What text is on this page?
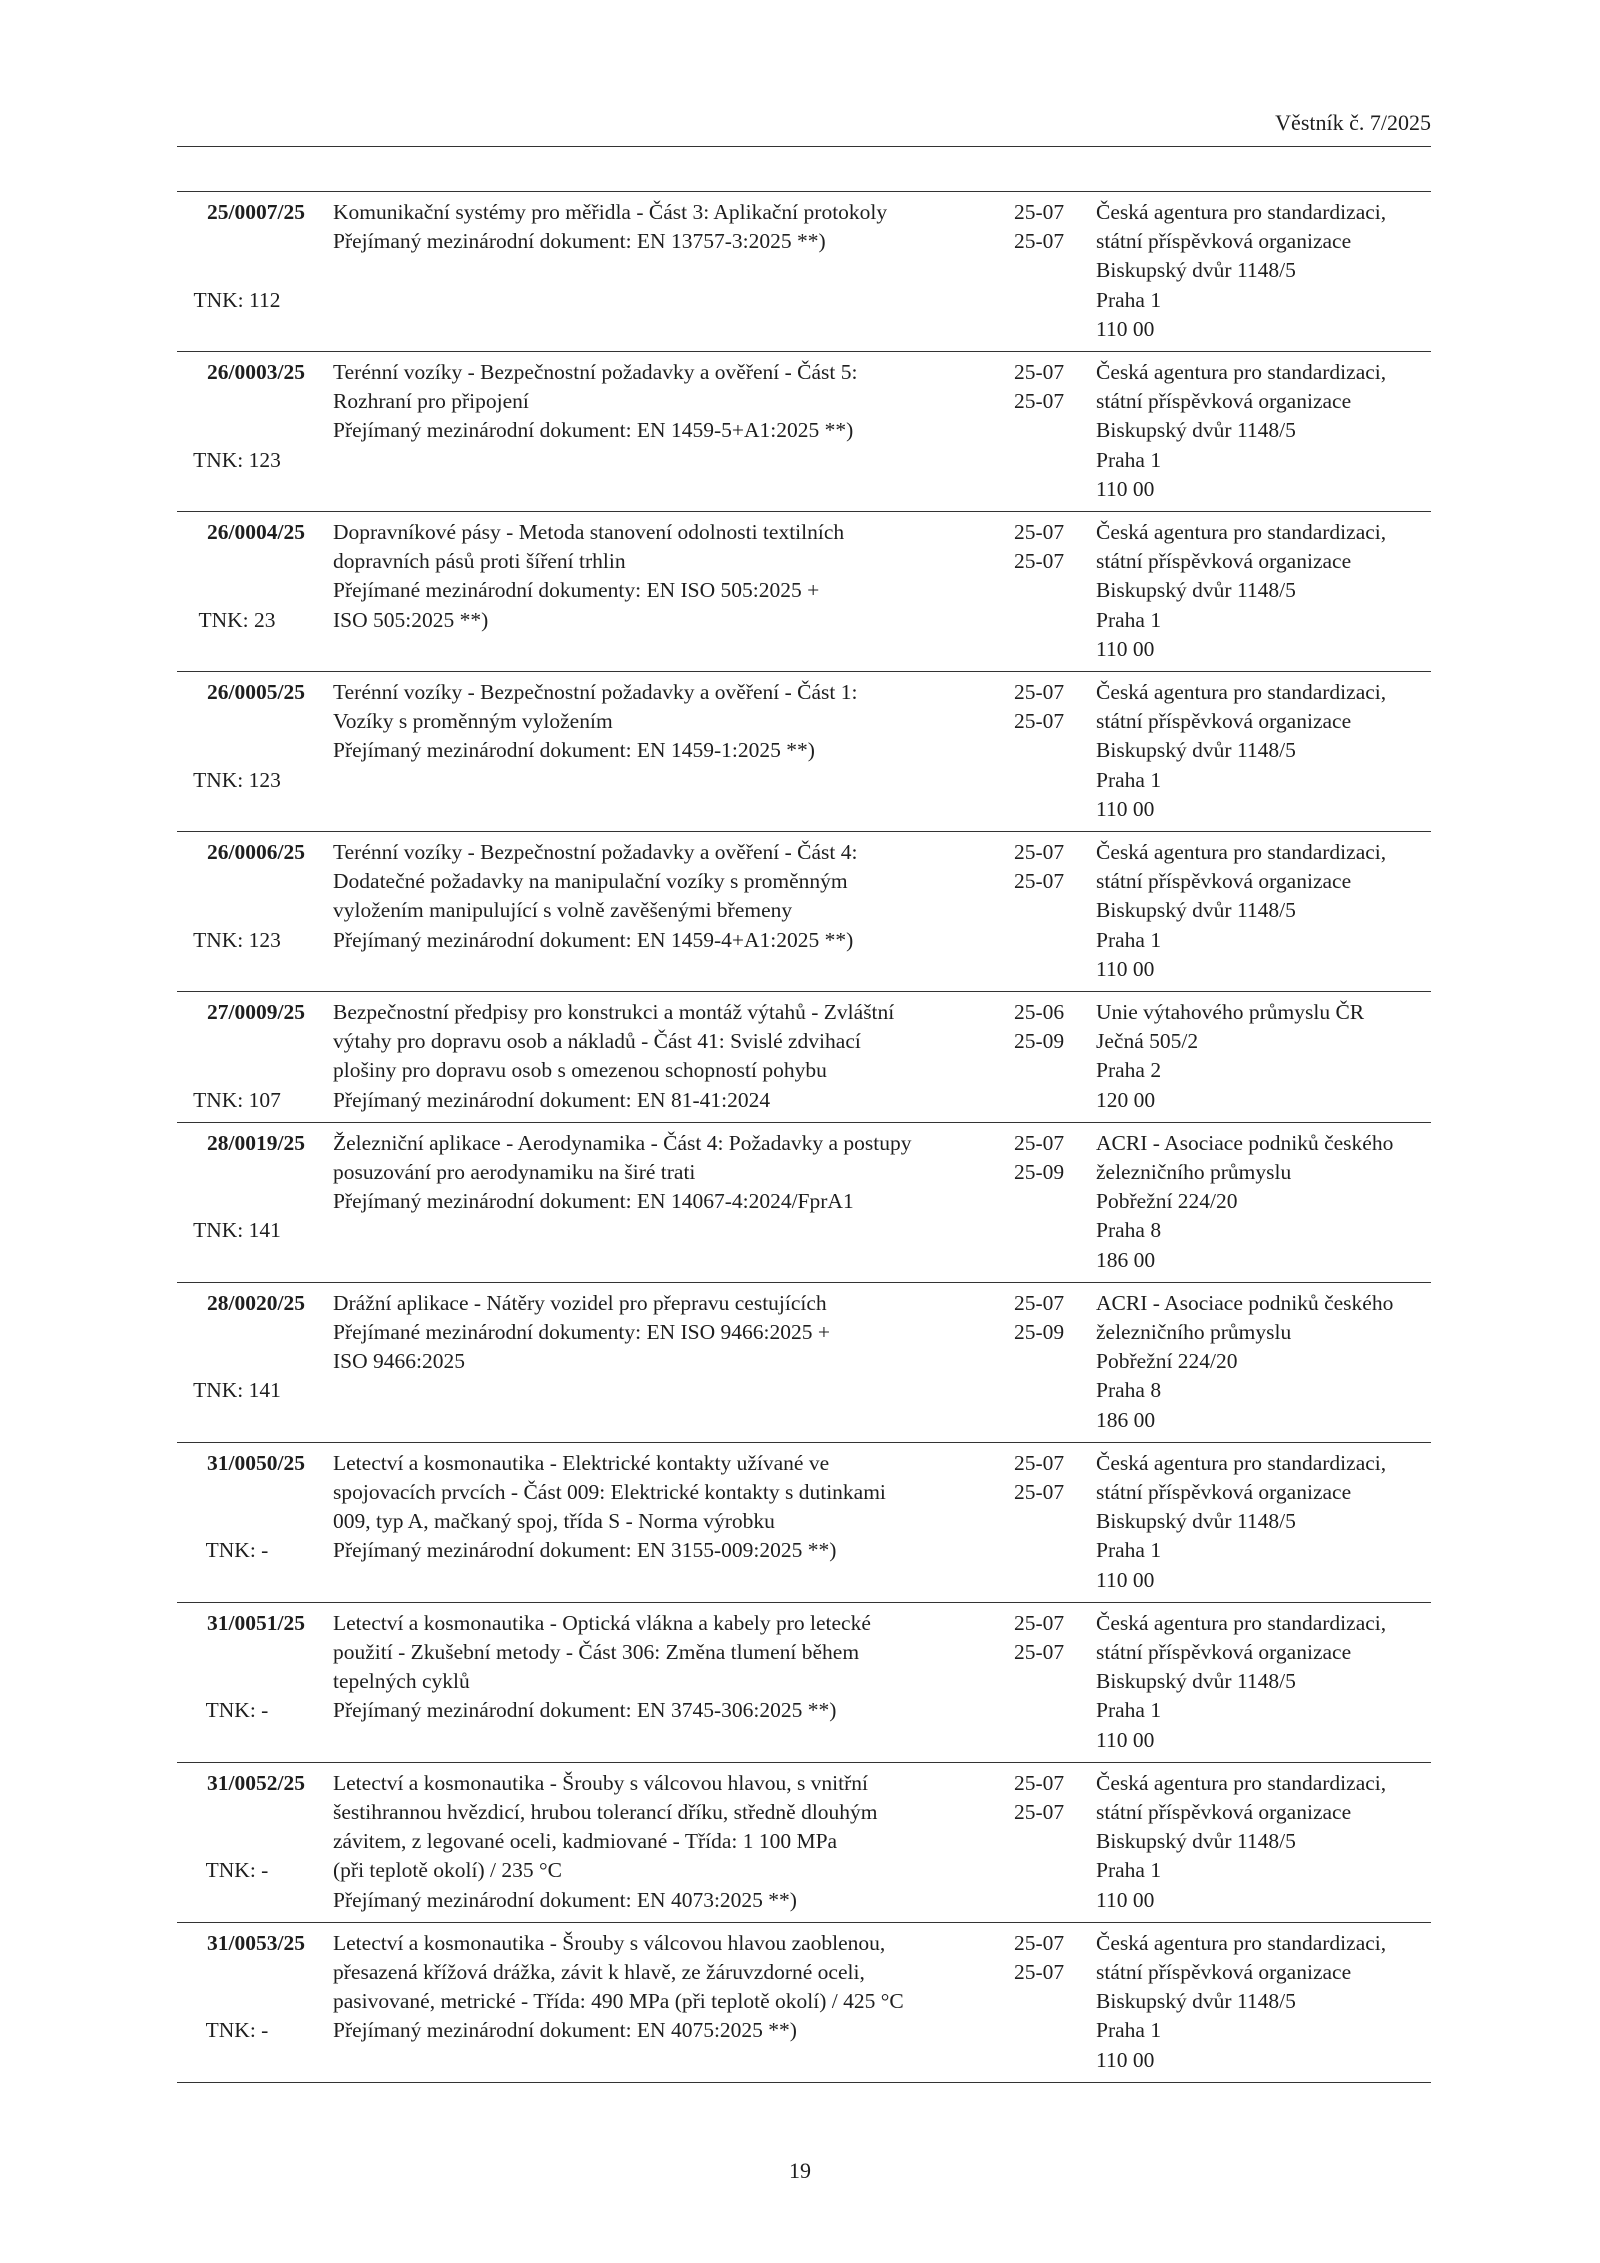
Věstník č. 7/2025
25/0007/25
TNK: 112
Komunikační systémy pro měřidla - Část 3: Aplikační protokoly
Přejímaný mezinárodní dokument: EN 13757-3:2025 **)
25-07
25-07
Česká agentura pro standardizaci,
státní příspěvková organizace
Biskupský dvůr 1148/5
Praha 1
110 00
26/0003/25
TNK: 123
Terénní vozíky - Bezpečnostní požadavky a ověření - Část 5:
Rozhraní pro připojení
Přejímaný mezinárodní dokument: EN 1459-5+A1:2025 **)
25-07
25-07
Česká agentura pro standardizaci,
státní příspěvková organizace
Biskupský dvůr 1148/5
Praha 1
110 00
26/0004/25
TNK: 23
Dopravníkové pásy - Metoda stanovení odolnosti textilních
dopravních pásů proti šíření trhlin
Přejímané mezinárodní dokumenty: EN ISO 505:2025 +
ISO 505:2025 **)
25-07
25-07
Česká agentura pro standardizaci,
státní příspěvková organizace
Biskupský dvůr 1148/5
Praha 1
110 00
26/0005/25
TNK: 123
Terénní vozíky - Bezpečnostní požadavky a ověření - Část 1:
Vozíky s proměnným vyložením
Přejímaný mezinárodní dokument: EN 1459-1:2025 **)
25-07
25-07
Česká agentura pro standardizaci,
státní příspěvková organizace
Biskupský dvůr 1148/5
Praha 1
110 00
26/0006/25
TNK: 123
Terénní vozíky - Bezpečnostní požadavky a ověření - Část 4:
Dodatečné požadavky na manipulační vozíky s proměnným
vyložením manipulující s volně zavěšenými břemeny
Přejímaný mezinárodní dokument: EN 1459-4+A1:2025 **)
25-07
25-07
Česká agentura pro standardizaci,
státní příspěvková organizace
Biskupský dvůr 1148/5
Praha 1
110 00
27/0009/25
TNK: 107
Bezpečnostní předpisy pro konstrukci a montáž výtahů - Zvláštní
výtahy pro dopravu osob a nákladů - Část 41: Svislé zdvihací
plošiny pro dopravu osob s omezenou schopností pohybu
Přejímaný mezinárodní dokument: EN 81-41:2024
25-06
25-09
Unie výtahového průmyslu ČR
Ječná 505/2
Praha 2
120 00
28/0019/25
TNK: 141
Železniční aplikace - Aerodynamika - Část 4: Požadavky a postupy
posuzování pro aerodynamiku na širé trati
Přejímaný mezinárodní dokument: EN 14067-4:2024/FprA1
25-07
25-09
ACRI - Asociace podniků českého
železničního průmyslu
Pobřežní 224/20
Praha 8
186 00
28/0020/25
TNK: 141
Drážní aplikace - Nátěry vozidel pro přepravu cestujících
Přejímané mezinárodní dokumenty: EN ISO 9466:2025 +
ISO 9466:2025
25-07
25-09
ACRI - Asociace podniků českého
železničního průmyslu
Pobřežní 224/20
Praha 8
186 00
31/0050/25
TNK: -
Letectví a kosmonautika - Elektrické kontakty užívané ve
spojovacích prvcích - Část 009: Elektrické kontakty s dutinkami
009, typ A, mačkaný spoj, třída S - Norma výrobku
Přejímaný mezinárodní dokument: EN 3155-009:2025 **)
25-07
25-07
Česká agentura pro standardizaci,
státní příspěvková organizace
Biskupský dvůr 1148/5
Praha 1
110 00
31/0051/25
TNK: -
Letectví a kosmonautika - Optická vlákna a kabely pro letecké
použití - Zkušební metody - Část 306: Změna tlumení během
tepelných cyklů
Přejímaný mezinárodní dokument: EN 3745-306:2025 **)
25-07
25-07
Česká agentura pro standardizaci,
státní příspěvková organizace
Biskupský dvůr 1148/5
Praha 1
110 00
31/0052/25
TNK: -
Letectví a kosmonautika - Šrouby s válcovou hlavou, s vnitřní
šestihrannou hvězdicí, hrubou tolerancí dříku, středně dlouhým
závitem, z legované oceli, kadmiované - Třída: 1 100 MPa
(při teplotě okolí) / 235 °C
Přejímaný mezinárodní dokument: EN 4073:2025 **)
25-07
25-07
Česká agentura pro standardizaci,
státní příspěvková organizace
Biskupský dvůr 1148/5
Praha 1
110 00
31/0053/25
TNK: -
Letectví a kosmonautika - Šrouby s válcovou hlavou zaoblenou,
přesazená křížová drážka, závit k hlavě, ze žáruvzdorné oceli,
pasivované, metrické - Třída: 490 MPa (při teplotě okolí) / 425 °C
Přejímaný mezinárodní dokument: EN 4075:2025 **)
25-07
25-07
Česká agentura pro standardizaci,
státní příspěvková organizace
Biskupský dvůr 1148/5
Praha 1
110 00
19
